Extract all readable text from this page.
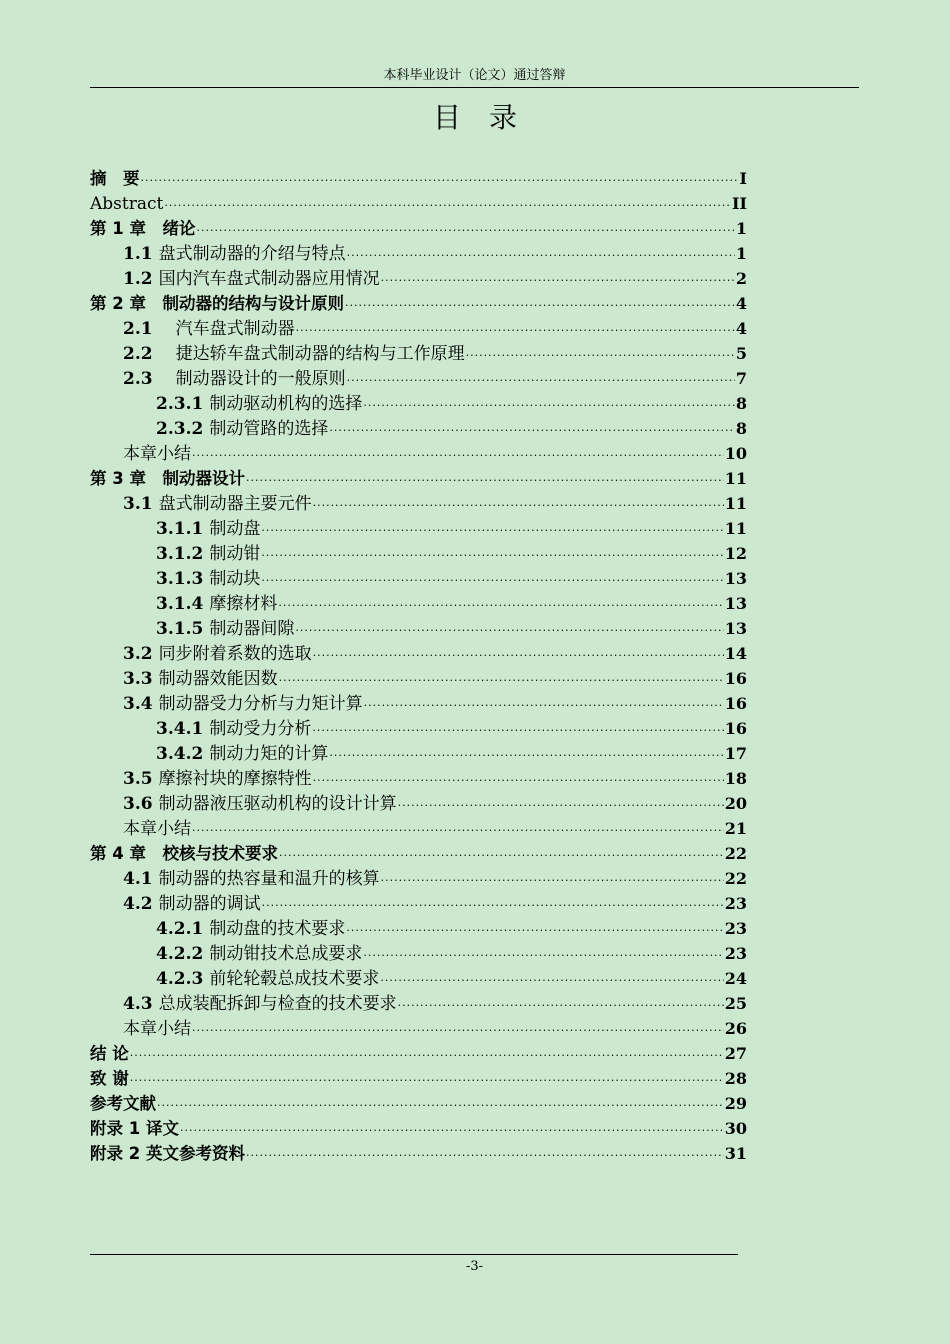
本科毕业设计（论文）通过答辩
目录
摘　要 ·····	I
Abstract ·····	II
第 1 章　绪论 ·····	1
1.1 盘式制动器的介绍与特点 ·····	1
1.2 国内汽车盘式制动器应用情况 ·····	2
第 2 章　制动器的结构与设计原则 ·····	4
2.1 　汽车盘式制动器 ·····	4
2.2 　捷达轿车盘式制动器的结构与工作原理 ·····	5
2.3 　制动器设计的一般原则 ·····	7
2.3.1 制动驱动机构的选择 ·····	8
2.3.2 制动管路的选择 ·····	8
本章小结 ·····	10
第 3 章　制动器设计 ·····	11
3.1 盘式制动器主要元件 ·····	11
3.1.1 制动盘 ·····	11
3.1.2 制动钳 ·····	12
3.1.3 制动块 ·····	13
3.1.4 摩擦材料 ·····	13
3.1.5 制动器间隙 ·····	13
3.2 同步附着系数的选取 ·····	14
3.3 制动器效能因数 ·····	16
3.4 制动器受力分析与力矩计算 ·····	16
3.4.1 制动受力分析 ·····	16
3.4.2 制动力矩的计算 ·····	17
3.5 摩擦衬块的摩擦特性 ·····	18
3.6 制动器液压驱动机构的设计计算 ·····	20
本章小结 ·····	21
第 4 章　校核与技术要求 ·····	22
4.1 制动器的热容量和温升的核算 ·····	22
4.2 制动器的调试 ·····	23
4.2.1 制动盘的技术要求 ·····	23
4.2.2 制动钳技术总成要求 ·····	23
4.2.3 前轮轮毂总成技术要求 ·····	24
4.3 总成装配拆卸与检查的技术要求 ·····	25
本章小结 ·····	26
结 论 ·····	27
致 谢 ·····	28
参考文献 ·····	29
附录 1 译文 ·····	30
附录 2 英文参考资料 ·····	31
-3-
